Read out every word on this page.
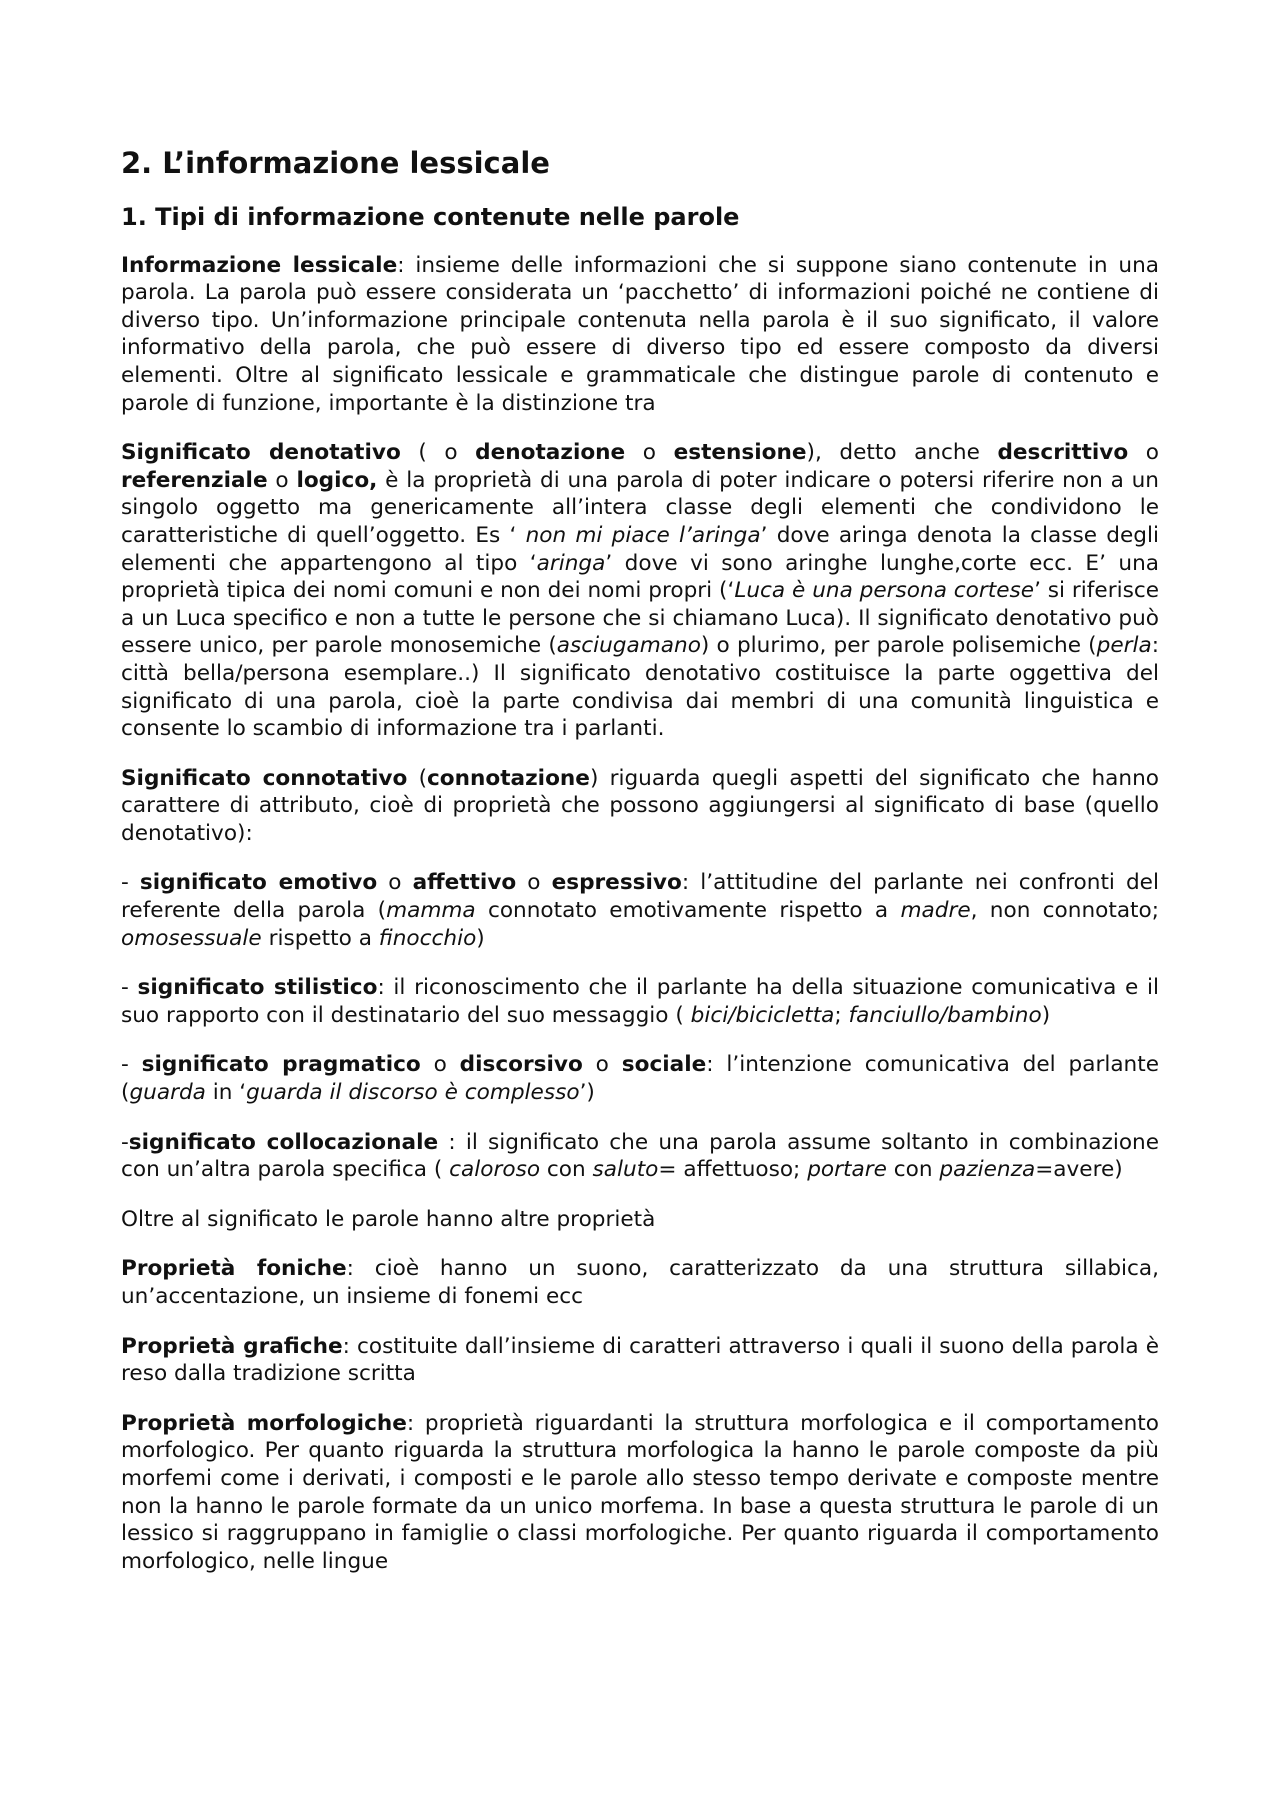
2. L’informazione lessicale
1. Tipi di informazione contenute nelle parole

Informazione lessicale: insieme delle informazioni che si suppone siano contenute in una parola. La parola può essere considerata un ‘pacchetto’ di informazioni poiché ne contiene di diverso tipo. Un’informazione principale contenuta nella parola è il suo significato, il valore informativo della parola, che può essere di diverso tipo ed essere composto da diversi elementi. Oltre al significato lessicale e grammaticale che distingue parole di contenuto e parole di funzione, importante è la distinzione tra

Significato denotativo ( o denotazione o estensione), detto anche descrittivo o referenziale o logico, è la proprietà di una parola di poter indicare o potersi riferire non a un singolo oggetto ma genericamente all’intera classe degli elementi che condividono le caratteristiche di quell’oggetto. Es ‘ non mi piace l’aringa’ dove aringa denota la classe degli elementi che appartengono al tipo ‘aringa’ dove vi sono aringhe lunghe,corte ecc. E’ una proprietà tipica dei nomi comuni e non dei nomi propri (‘Luca è una persona cortese’ si riferisce a un Luca specifico e non a tutte le persone che si chiamano Luca). Il significato denotativo può essere unico, per parole monosemiche (asciugamano) o plurimo, per parole polisemiche (perla: città bella/persona esemplare..) Il significato denotativo costituisce la parte oggettiva del significato di una parola, cioè la parte condivisa dai membri di una comunità linguistica e consente lo scambio di informazione tra i parlanti.

Significato connotativo (connotazione) riguarda quegli aspetti del significato che hanno carattere di attributo, cioè di proprietà che possono aggiungersi al significato di base (quello denotativo):

- significato emotivo o affettivo o espressivo: l’attitudine del parlante nei confronti del referente della parola (mamma connotato emotivamente rispetto a madre, non connotato; omosessuale rispetto a finocchio)

- significato stilistico: il riconoscimento che il parlante ha della situazione comunicativa e il suo rapporto con il destinatario del suo messaggio ( bici/bicicletta; fanciullo/bambino)

- significato pragmatico o discorsivo o sociale: l’intenzione comunicativa del parlante (guarda in ‘guarda il discorso è complesso’)

-significato collocazionale : il significato che una parola assume soltanto in combinazione con un’altra parola specifica ( caloroso con saluto= affettuoso; portare con pazienza=avere)

Oltre al significato le parole hanno altre proprietà

Proprietà foniche: cioè hanno un suono, caratterizzato da una struttura sillabica, un’accentazione, un insieme di fonemi ecc

Proprietà grafiche: costituite dall’insieme di caratteri attraverso i quali il suono della parola è reso dalla tradizione scritta

Proprietà morfologiche: proprietà riguardanti la struttura morfologica e il comportamento morfologico. Per quanto riguarda la struttura morfologica la hanno le parole composte da più morfemi come i derivati, i composti e le parole allo stesso tempo derivate e composte mentre non la hanno le parole formate da un unico morfema. In base a questa struttura le parole di un lessico si raggruppano in famiglie o classi morfologiche. Per quanto riguarda il comportamento morfologico, nelle lingue
